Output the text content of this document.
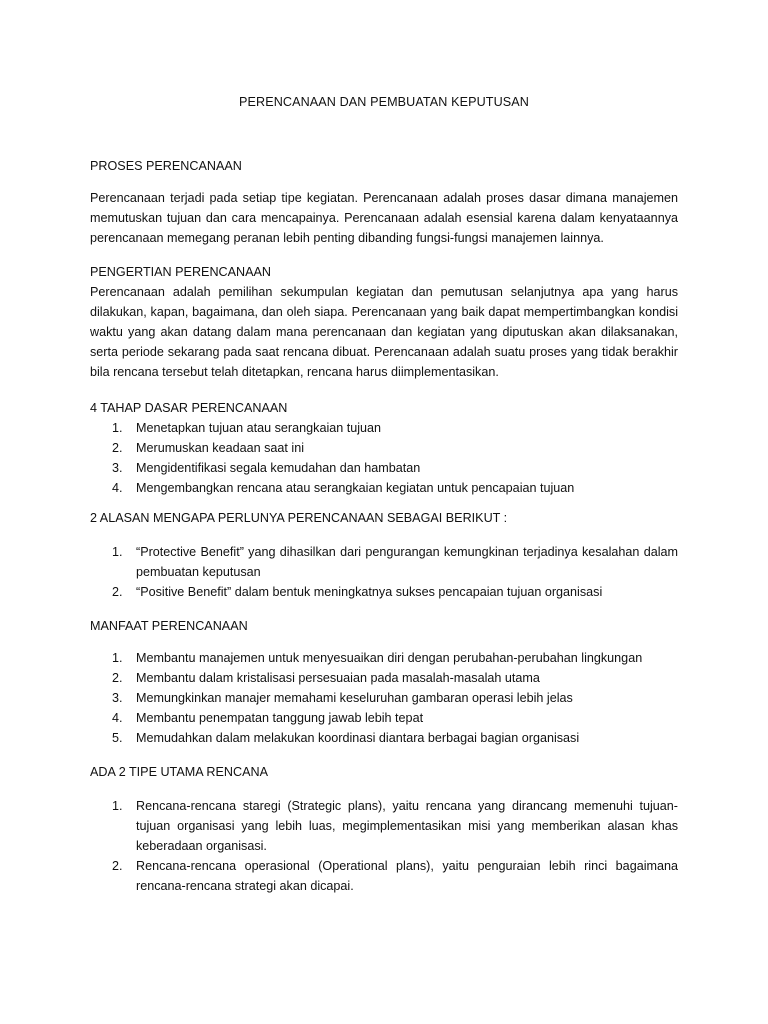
PERENCANAAN DAN PEMBUATAN KEPUTUSAN
PROSES PERENCANAAN

Perencanaan terjadi pada setiap tipe kegiatan. Perencanaan adalah proses dasar dimana manajemen memutuskan tujuan dan cara mencapainya. Perencanaan adalah esensial karena dalam kenyataannya perencanaan memegang peranan lebih penting dibanding fungsi-fungsi manajemen lainnya.

PENGERTIAN PERENCANAAN

Perencanaan adalah pemilihan sekumpulan kegiatan dan pemutusan selanjutnya apa yang harus dilakukan, kapan, bagaimana, dan oleh siapa. Perencanaan yang baik dapat mempertimbangkan kondisi waktu yang akan datang dalam mana perencanaan dan kegiatan yang diputuskan akan dilaksanakan, serta periode sekarang pada saat rencana dibuat. Perencanaan adalah suatu proses yang tidak berakhir bila rencana tersebut telah ditetapkan, rencana harus diimplementasikan.

4 TAHAP DASAR PERENCANAAN
1. Menetapkan tujuan atau serangkaian tujuan
2. Merumuskan keadaan saat ini
3. Mengidentifikasi segala kemudahan dan hambatan
4. Mengembangkan rencana atau serangkaian kegiatan untuk pencapaian tujuan
2 ALASAN MENGAPA PERLUNYA PERENCANAAN SEBAGAI BERIKUT :
1. “Protective Benefit” yang dihasilkan dari pengurangan kemungkinan terjadinya kesalahan dalam pembuatan keputusan
2. “Positive Benefit” dalam bentuk meningkatnya sukses pencapaian tujuan organisasi
MANFAAT PERENCANAAN
1. Membantu manajemen untuk menyesuaikan diri dengan perubahan-perubahan lingkungan
2. Membantu dalam kristalisasi persesuaian pada masalah-masalah utama
3. Memungkinkan manajer memahami keseluruhan gambaran operasi lebih jelas
4. Membantu penempatan tanggung jawab lebih tepat
5. Memudahkan dalam melakukan koordinasi diantara berbagai bagian organisasi
ADA 2 TIPE UTAMA RENCANA
1. Rencana-rencana staregi (Strategic plans), yaitu rencana yang dirancang memenuhi tujuan-tujuan organisasi yang lebih luas, megimplementasikan misi yang memberikan alasan khas keberadaan organisasi.
2. Rencana-rencana operasional (Operational plans), yaitu penguraian lebih rinci bagaimana rencana-rencana strategi akan dicapai.
